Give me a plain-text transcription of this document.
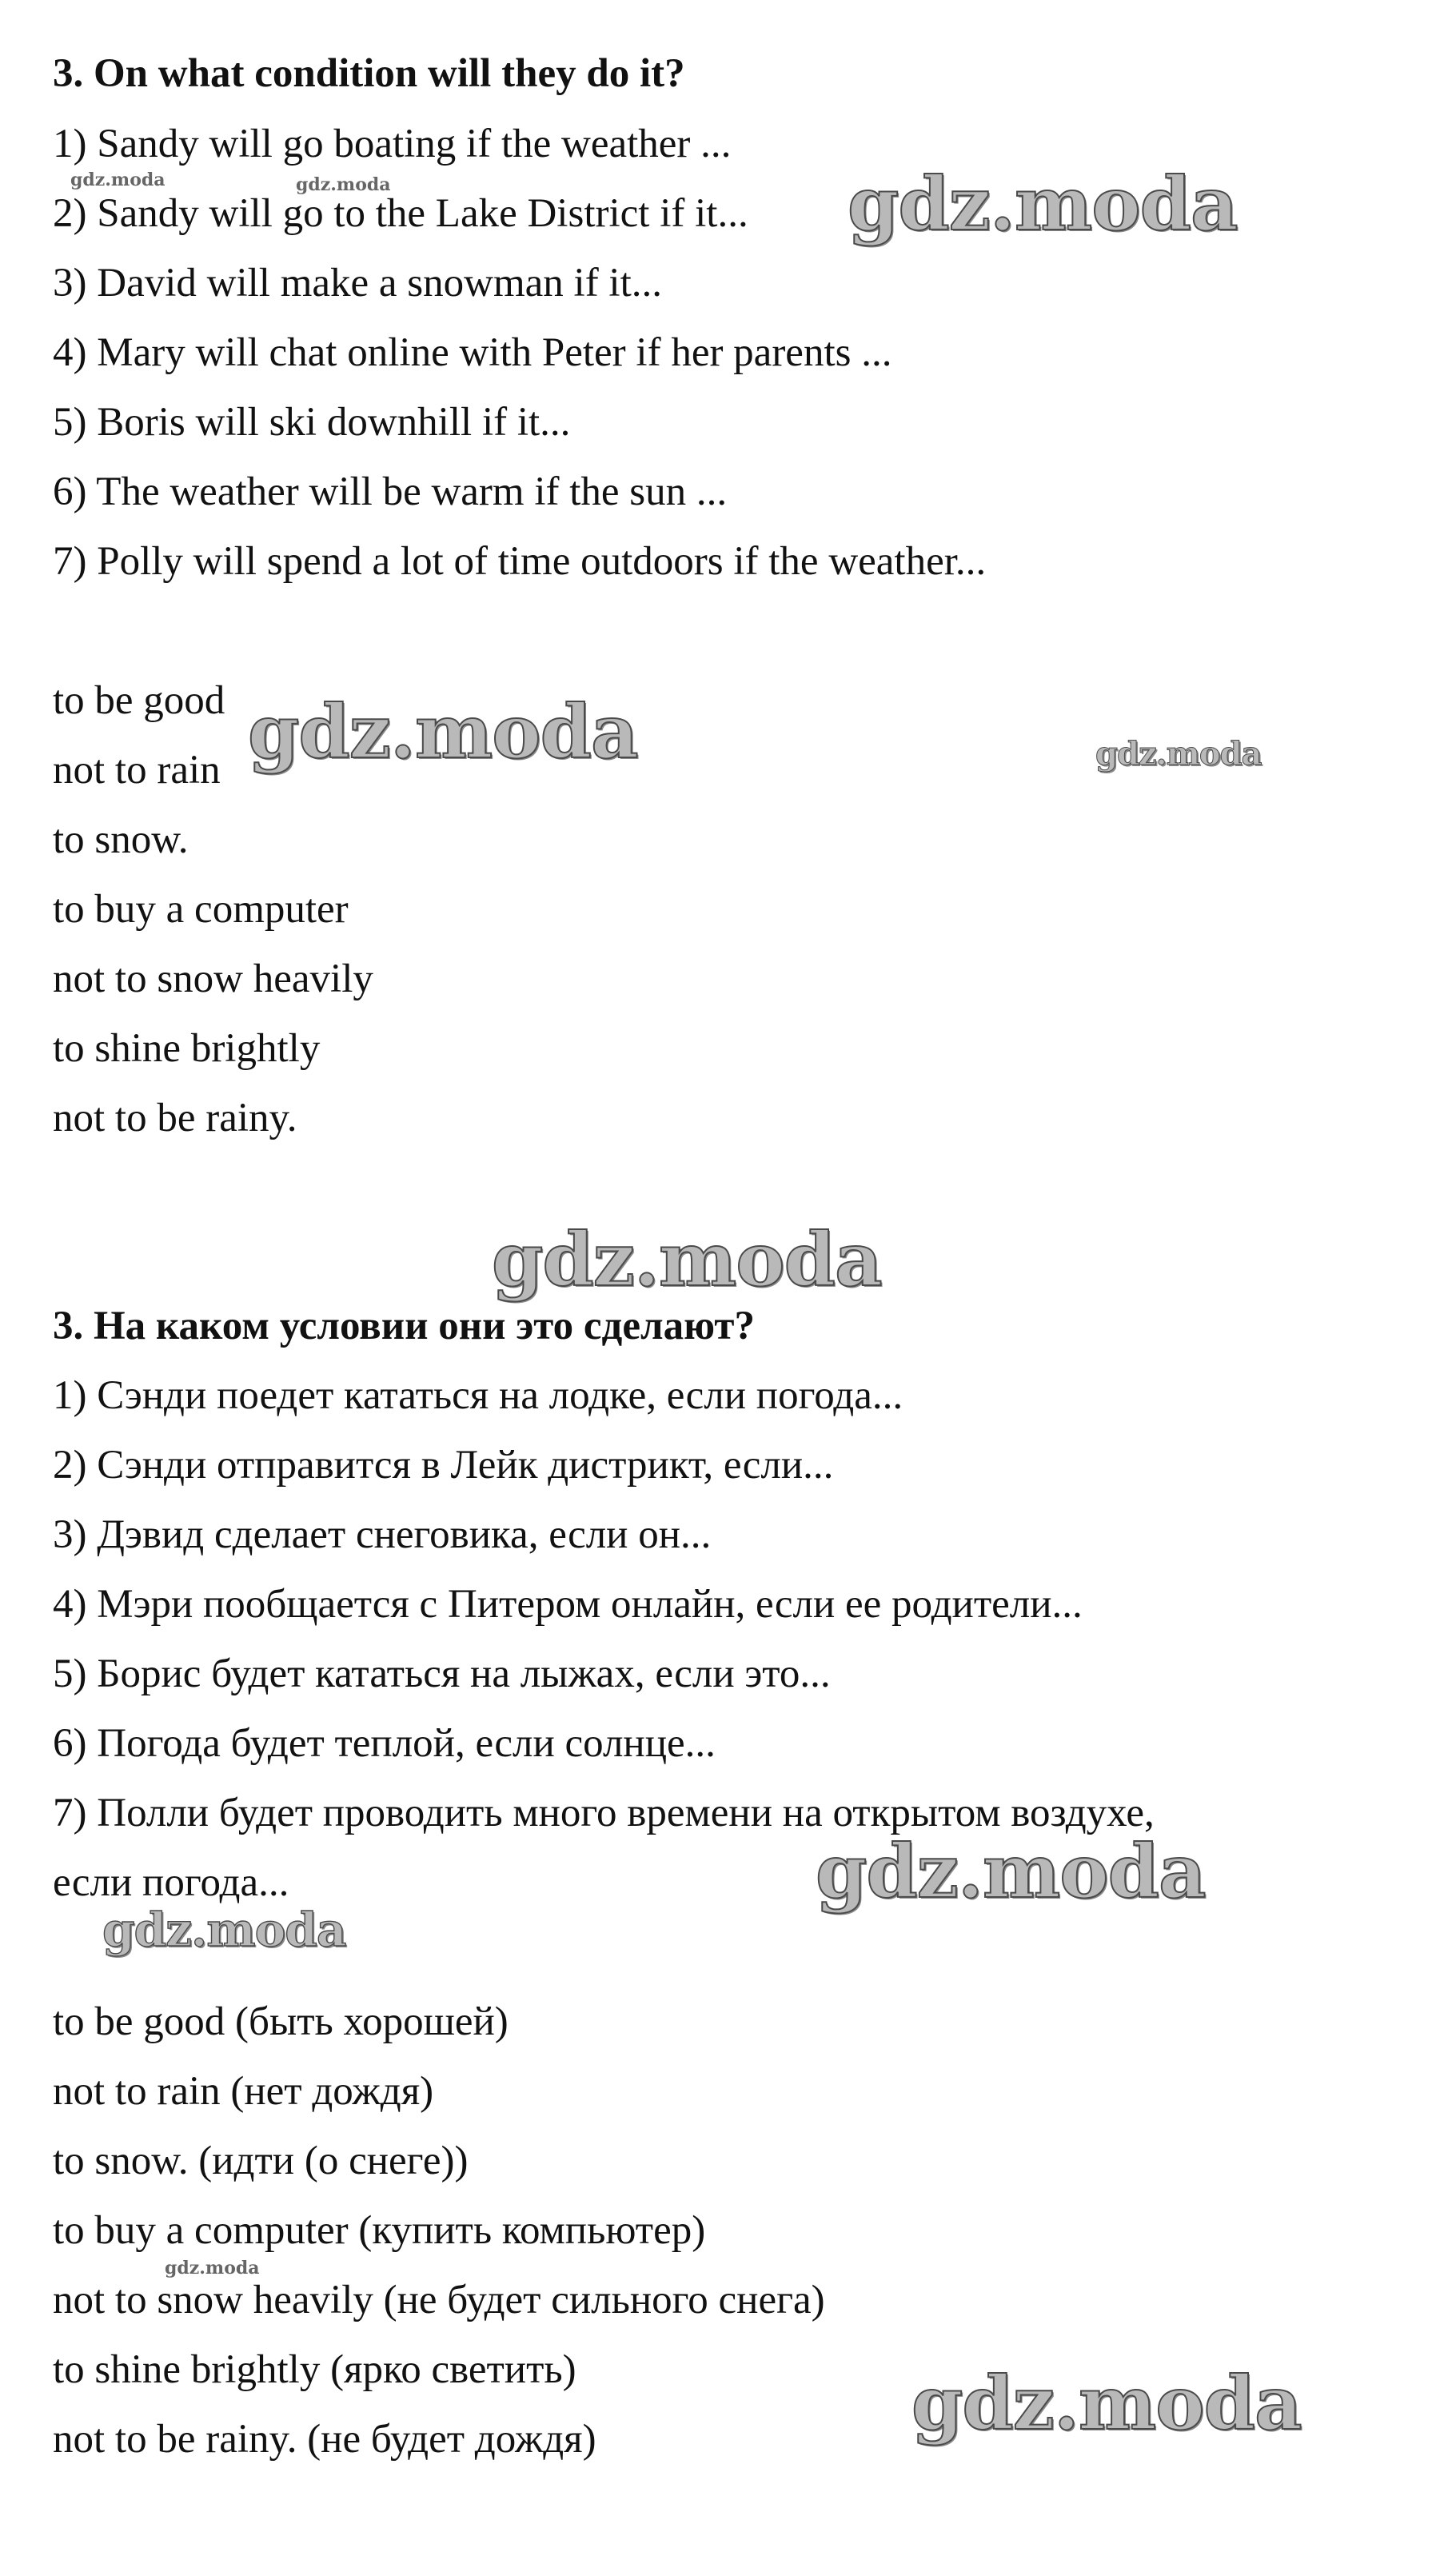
3. On what condition will they do it?
1) Sandy will go boating if the weather ...
2) Sandy will go to the Lake District if it...
3) David will make a snowman if it...
4) Mary will chat online with Peter if her parents ...
5) Boris will ski downhill if it...
6) The weather will be warm if the sun ...
7) Polly will spend a lot of time outdoors if the weather...
to be good
not to rain
to snow.
to buy a computer
not to snow heavily
to shine brightly
not to be rainy.
3. На каком условии они это сделают?
1) Сэнди поедет кататься на лодке, если погода...
2) Сэнди отправится в Лейк дистрикт, если...
3) Дэвид сделает снеговика, если он...
4) Мэри пообщается с Питером онлайн, если ее родители...
5) Борис будет кататься на лыжах, если это...
6) Погода будет теплой, если солнце...
7) Полли будет проводить много времени на открытом воздухе,
если погода...
to be good (быть хорошей)
not to rain (нет дождя)
to snow. (идти (о снеге))
to buy a computer (купить компьютер)
not to snow heavily (не будет сильного снега)
to shine brightly (ярко светить)
not to be rainy. (не будет дождя)
gdz.moda	gdz.moda	gdz.moda
gdz.moda	gdz.moda
gdz.moda
gdz.moda
gdz.moda
gdz.moda
gdz.moda
